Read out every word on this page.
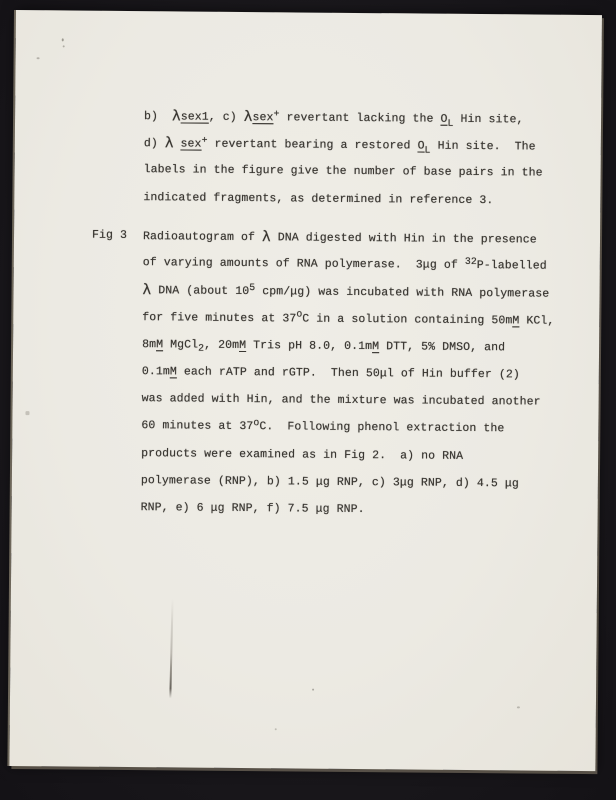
b)  λsex1, c) λsex+ revertant lacking the OL Hin site,
d) λ sex+ revertant bearing a restored OL Hin site.  The
labels in the figure give the number of base pairs in the
indicated fragments, as determined in reference 3.
Fig 3 Radioautogram of λ DNA digested with Hin in the presence
of varying amounts of RNA polymerase.  3μg of 32P-labelled
λ DNA (about 105 cpm/μg) was incubated with RNA polymerase
for five minutes at 37oC in a solution containing 50mM KCl,
8mM MgCl2, 20mM Tris pH 8.0, 0.1mM DTT, 5% DMSO, and
0.1mM each rATP and rGTP.  Then 50μl of Hin buffer (2)
was added with Hin, and the mixture was incubated another
60 minutes at 37oC.  Following phenol extraction the
products were examined as in Fig 2.  a) no RNA
polymerase (RNP), b) 1.5 μg RNP, c) 3μg RNP, d) 4.5 μg
RNP, e) 6 μg RNP, f) 7.5 μg RNP.
